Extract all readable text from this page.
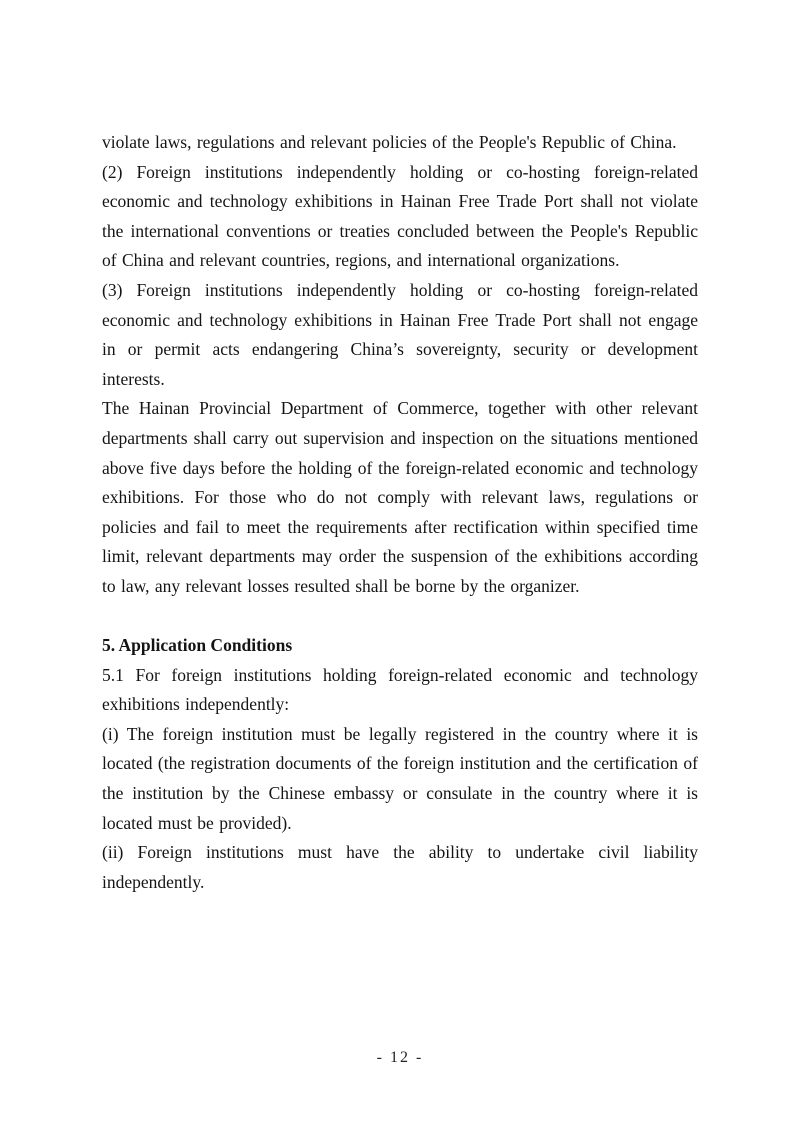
violate laws, regulations and relevant policies of the People's Republic of China.

(2) Foreign institutions independently holding or co-hosting foreign-related economic and technology exhibitions in Hainan Free Trade Port shall not violate the international conventions or treaties concluded between the People's Republic of China and relevant countries, regions, and international organizations.

(3) Foreign institutions independently holding or co-hosting foreign-related economic and technology exhibitions in Hainan Free Trade Port shall not engage in or permit acts endangering China’s sovereignty, security or development interests.

The Hainan Provincial Department of Commerce, together with other relevant departments shall carry out supervision and inspection on the situations mentioned above five days before the holding of the foreign-related economic and technology exhibitions. For those who do not comply with relevant laws, regulations or policies and fail to meet the requirements after rectification within specified time limit, relevant departments may order the suspension of the exhibitions according to law, any relevant losses resulted shall be borne by the organizer.

5. Application Conditions

5.1 For foreign institutions holding foreign-related economic and technology exhibitions independently:

(i) The foreign institution must be legally registered in the country where it is located (the registration documents of the foreign institution and the certification of the institution by the Chinese embassy or consulate in the country where it is located must be provided).

(ii) Foreign institutions must have the ability to undertake civil liability independently.

- 12 -
